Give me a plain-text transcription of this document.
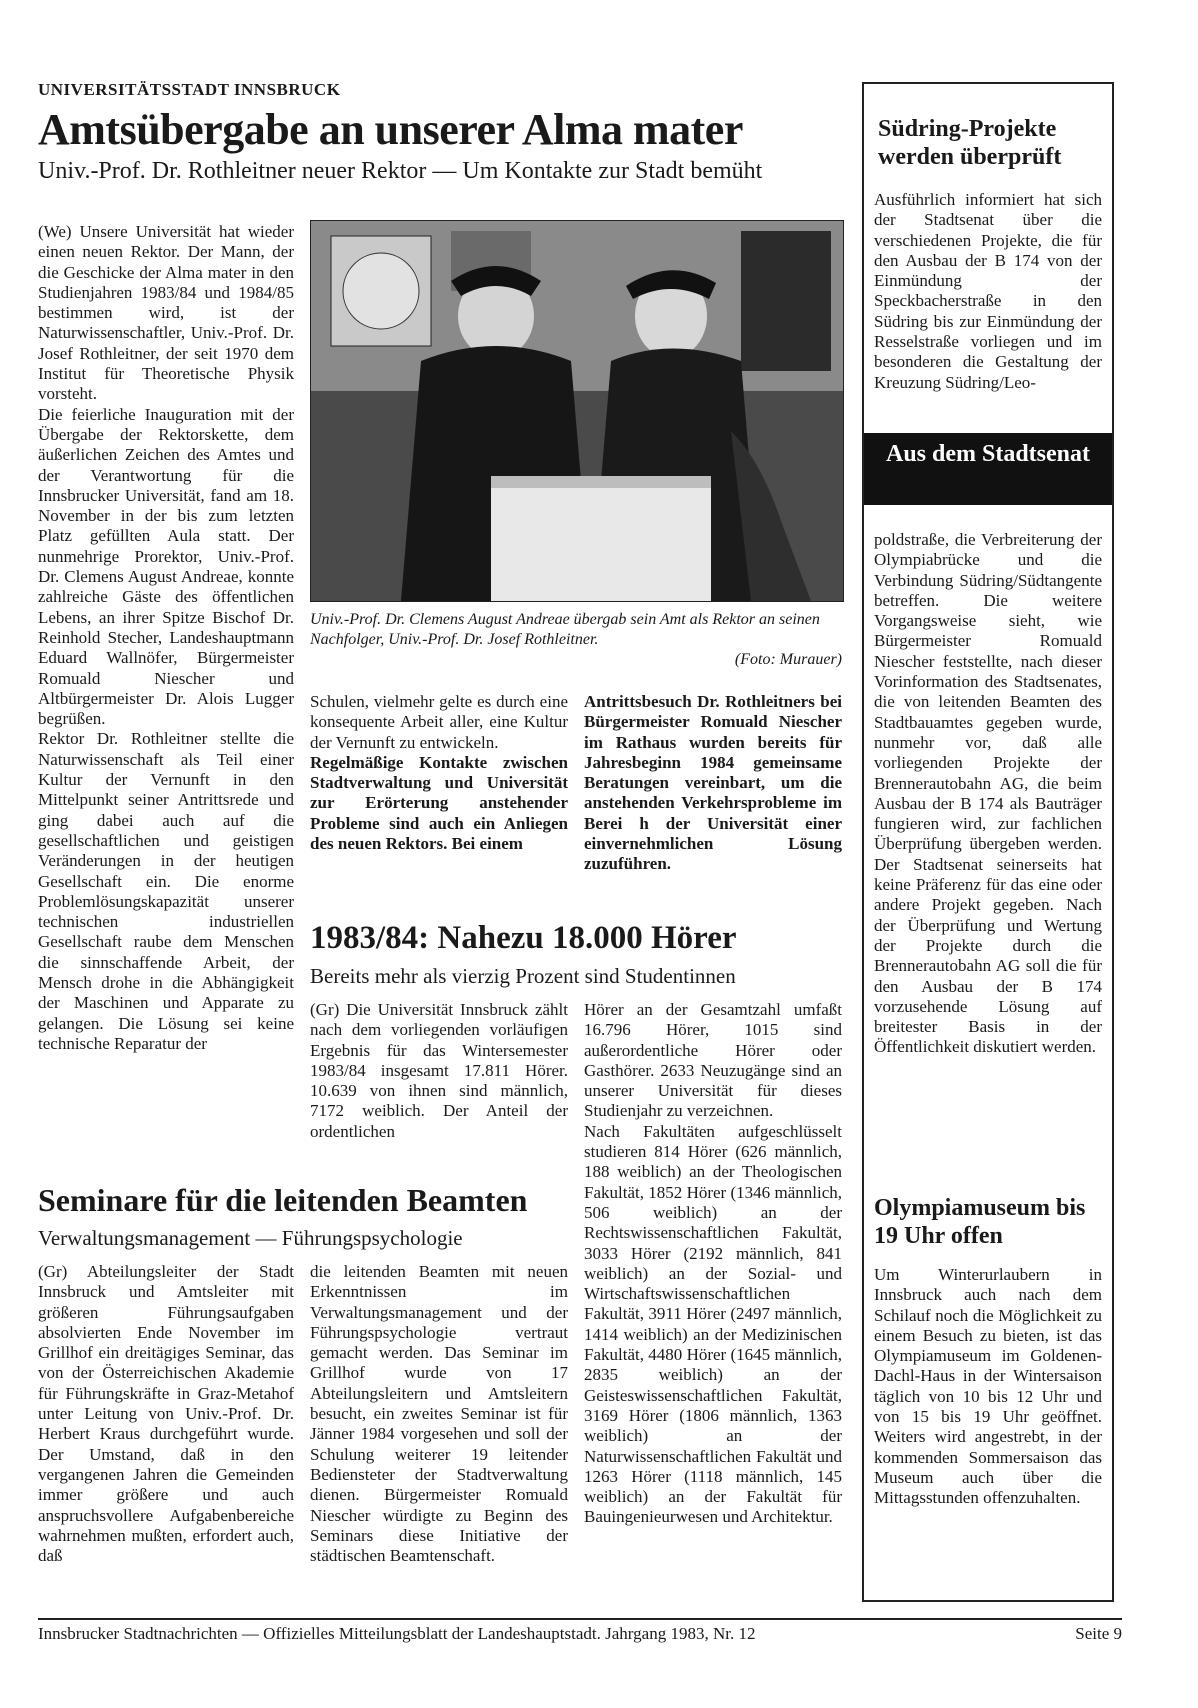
UNIVERSITÄTSSTADT INNSBRUCK
Amtsübergabe an unserer Alma mater
Univ.-Prof. Dr. Rothleitner neuer Rektor — Um Kontakte zur Stadt bemüht

(We) Unsere Universität hat wieder einen neuen Rektor. Der Mann, der die Geschicke der Alma mater in den Studienjahren 1983/84 und 1984/85 bestimmen wird, ist der Naturwissenschaftler, Univ.-Prof. Dr. Josef Rothleitner, der seit 1970 dem Institut für Theoretische Physik vorsteht.

Die feierliche Inauguration mit der Übergabe der Rektorskette, dem äußerlichen Zeichen des Amtes und der Verantwortung für die Innsbrucker Universität, fand am 18. November in der bis zum letzten Platz gefüllten Aula statt. Der nunmehrige Prorektor, Univ.-Prof. Dr. Clemens August Andreae, konnte zahlreiche Gäste des öffentlichen Lebens, an ihrer Spitze Bischof Dr. Reinhold Stecher, Landeshauptmann Eduard Wallnöfer, Bürgermeister Romuald Niescher und Altbürgermeister Dr. Alois Lugger begrüßen.

Rektor Dr. Rothleitner stellte die Naturwissenschaft als Teil einer Kultur der Vernunft in den Mittelpunkt seiner Antrittsrede und ging dabei auch auf die gesellschaftlichen und geistigen Veränderungen in der heutigen Gesellschaft ein. Die enorme Problemlösungskapazität unserer technischen industriellen Gesellschaft raube dem Menschen die sinnschaffende Arbeit, der Mensch drohe in die Abhängigkeit der Maschinen und Apparate zu gelangen. Die Lösung sei keine technische Reparatur der

Univ.-Prof. Dr. Clemens August Andreae übergab sein Amt als Rektor an seinen Nachfolger, Univ.-Prof. Dr. Josef Rothleitner.

(Foto: Murauer)

Schulen, vielmehr gelte es durch eine konsequente Arbeit aller, eine Kultur der Vernunft zu entwickeln.

Regelmäßige Kontakte zwischen Stadtverwaltung und Universität zur Erörterung anstehender Probleme sind auch ein Anliegen des neuen Rektors. Bei einem

Antrittsbesuch Dr. Rothleitners bei Bürgermeister Romuald Niescher im Rathaus wurden bereits für Jahresbeginn 1984 gemeinsame Beratungen vereinbart, um die anstehenden Verkehrsprobleme im Berei h der Universität einer einvernehmlichen Lösung zuzuführen.

1983/84: Nahezu 18.000 Hörer
Bereits mehr als vierzig Prozent sind Studentinnen

(Gr) Die Universität Innsbruck zählt nach dem vorliegenden vorläufigen Ergebnis für das Wintersemester 1983/84 insgesamt 17.811 Hörer. 10.639 von ihnen sind männlich, 7172 weiblich. Der Anteil der ordentlichen

Hörer an der Gesamtzahl umfaßt 16.796 Hörer, 1015 sind außerordentliche Hörer oder Gasthörer. 2633 Neuzugänge sind an unserer Universität für dieses Studienjahr zu verzeichnen.

Nach Fakultäten aufgeschlüsselt studieren 814 Hörer (626 männlich, 188 weiblich) an der Theologischen Fakultät, 1852 Hörer (1346 männlich, 506 weiblich) an der Rechtswissenschaftlichen Fakultät, 3033 Hörer (2192 männlich, 841 weiblich) an der Sozial- und Wirtschaftswissenschaftlichen Fakultät, 3911 Hörer (2497 männlich, 1414 weiblich) an der Medizinischen Fakultät, 4480 Hörer (1645 männlich, 2835 weiblich) an der Geisteswissenschaftlichen Fakultät, 3169 Hörer (1806 männlich, 1363 weiblich) an der Naturwissenschaftlichen Fakultät und 1263 Hörer (1118 männlich, 145 weiblich) an der Fakultät für Bauingenieurwesen und Architektur.

Seminare für die leitenden Beamten
Verwaltungsmanagement — Führungspsychologie

(Gr) Abteilungsleiter der Stadt Innsbruck und Amtsleiter mit größeren Führungsaufgaben absolvierten Ende November im Grillhof ein dreitägiges Seminar, das von der Österreichischen Akademie für Führungskräfte in Graz-Metahof unter Leitung von Univ.-Prof. Dr. Herbert Kraus durchgeführt wurde. Der Umstand, daß in den vergangenen Jahren die Gemeinden immer größere und auch anspruchsvollere Aufgabenbereiche wahrnehmen mußten, erfordert auch, daß

die leitenden Beamten mit neuen Erkenntnissen im Verwaltungsmanagement und der Führungspsychologie vertraut gemacht werden. Das Seminar im Grillhof wurde von 17 Abteilungsleitern und Amtsleitern besucht, ein zweites Seminar ist für Jänner 1984 vorgesehen und soll der Schulung weiterer 19 leitender Bediensteter der Stadtverwaltung dienen. Bürgermeister Romuald Niescher würdigte zu Beginn des Seminars diese Initiative der städtischen Beamtenschaft.

Südring-Projekte werden überprüft

Ausführlich informiert hat sich der Stadtsenat über die verschiedenen Projekte, die für den Ausbau der B 174 von der Einmündung der Speckbacherstraße in den Südring bis zur Einmündung der Resselstraße vorliegen und im besonderen die Gestaltung der Kreuzung Südring/Leo-

Aus dem Stadtsenat

poldstraße, die Verbreiterung der Olympiabrücke und die Verbindung Südring/Südtangente betreffen. Die weitere Vorgangsweise sieht, wie Bürgermeister Romuald Niescher feststellte, nach dieser Vorinformation des Stadtsenates, die von leitenden Beamten des Stadtbauamtes gegeben wurde, nunmehr vor, daß alle vorliegenden Projekte der Brennerautobahn AG, die beim Ausbau der B 174 als Bauträger fungieren wird, zur fachlichen Überprüfung übergeben werden. Der Stadtsenat seinerseits hat keine Präferenz für das eine oder andere Projekt gegeben. Nach der Überprüfung und Wertung der Projekte durch die Brennerautobahn AG soll die für den Ausbau der B 174 vorzusehende Lösung auf breitester Basis in der Öffentlichkeit diskutiert werden.

Olympiamuseum bis 19 Uhr offen

Um Winterurlaubern in Innsbruck auch nach dem Schilauf noch die Möglichkeit zu einem Besuch zu bieten, ist das Olympiamuseum im Goldenen-Dachl-Haus in der Wintersaison täglich von 10 bis 12 Uhr und von 15 bis 19 Uhr geöffnet. Weiters wird angestrebt, in der kommenden Sommersaison das Museum auch über die Mittagsstunden offenzuhalten.

Innsbrucker Stadtnachrichten — Offizielles Mitteilungsblatt der Landeshauptstadt. Jahrgang 1983, Nr. 12	Seite 9
